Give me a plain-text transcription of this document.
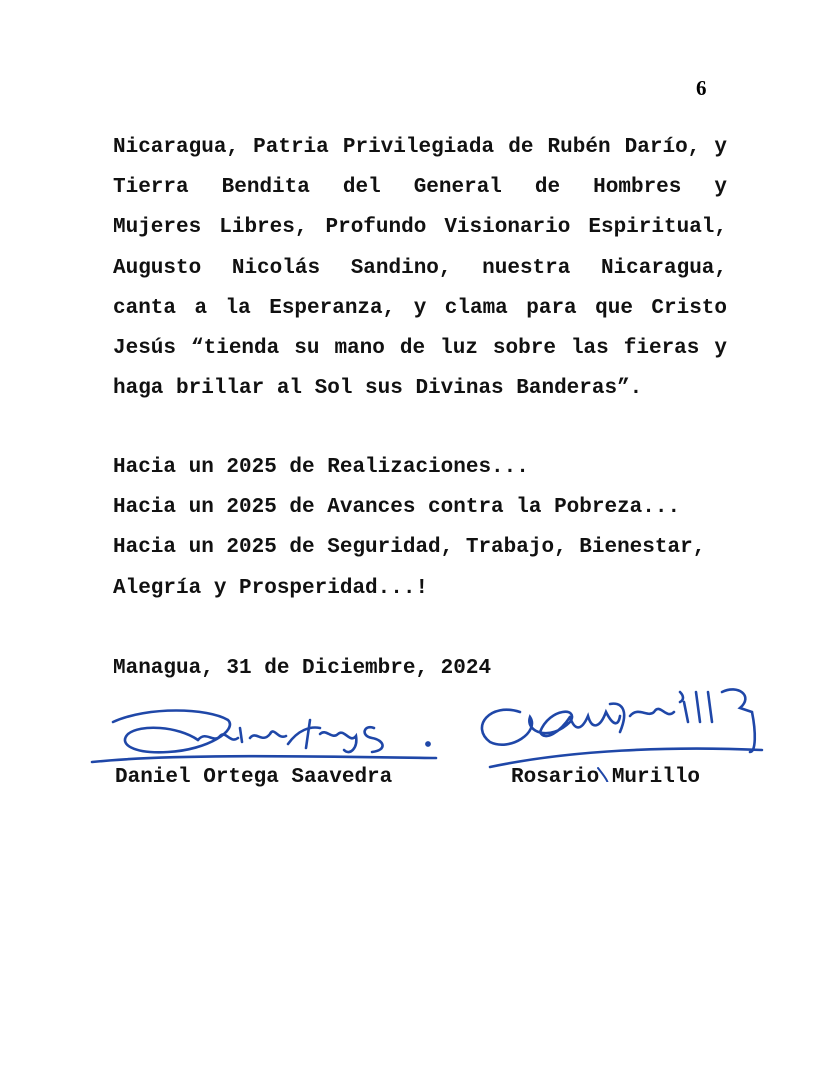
6
Nicaragua, Patria Privilegiada de Rubén Darío, y
Tierra Bendita del General de Hombres y
Mujeres Libres, Profundo Visionario Espiritual,
Augusto Nicolás Sandino, nuestra Nicaragua,
canta a la Esperanza, y clama para que Cristo
Jesús “tienda su mano de luz sobre las fieras y
haga brillar al Sol sus Divinas Banderas”.
Hacia un 2025 de Realizaciones...
Hacia un 2025 de Avances contra la Pobreza...
Hacia un 2025 de Seguridad, Trabajo, Bienestar,
Alegría y Prosperidad...!
Managua, 31 de Diciembre, 2024
Daniel Ortega Saavedra	Rosario Murillo
